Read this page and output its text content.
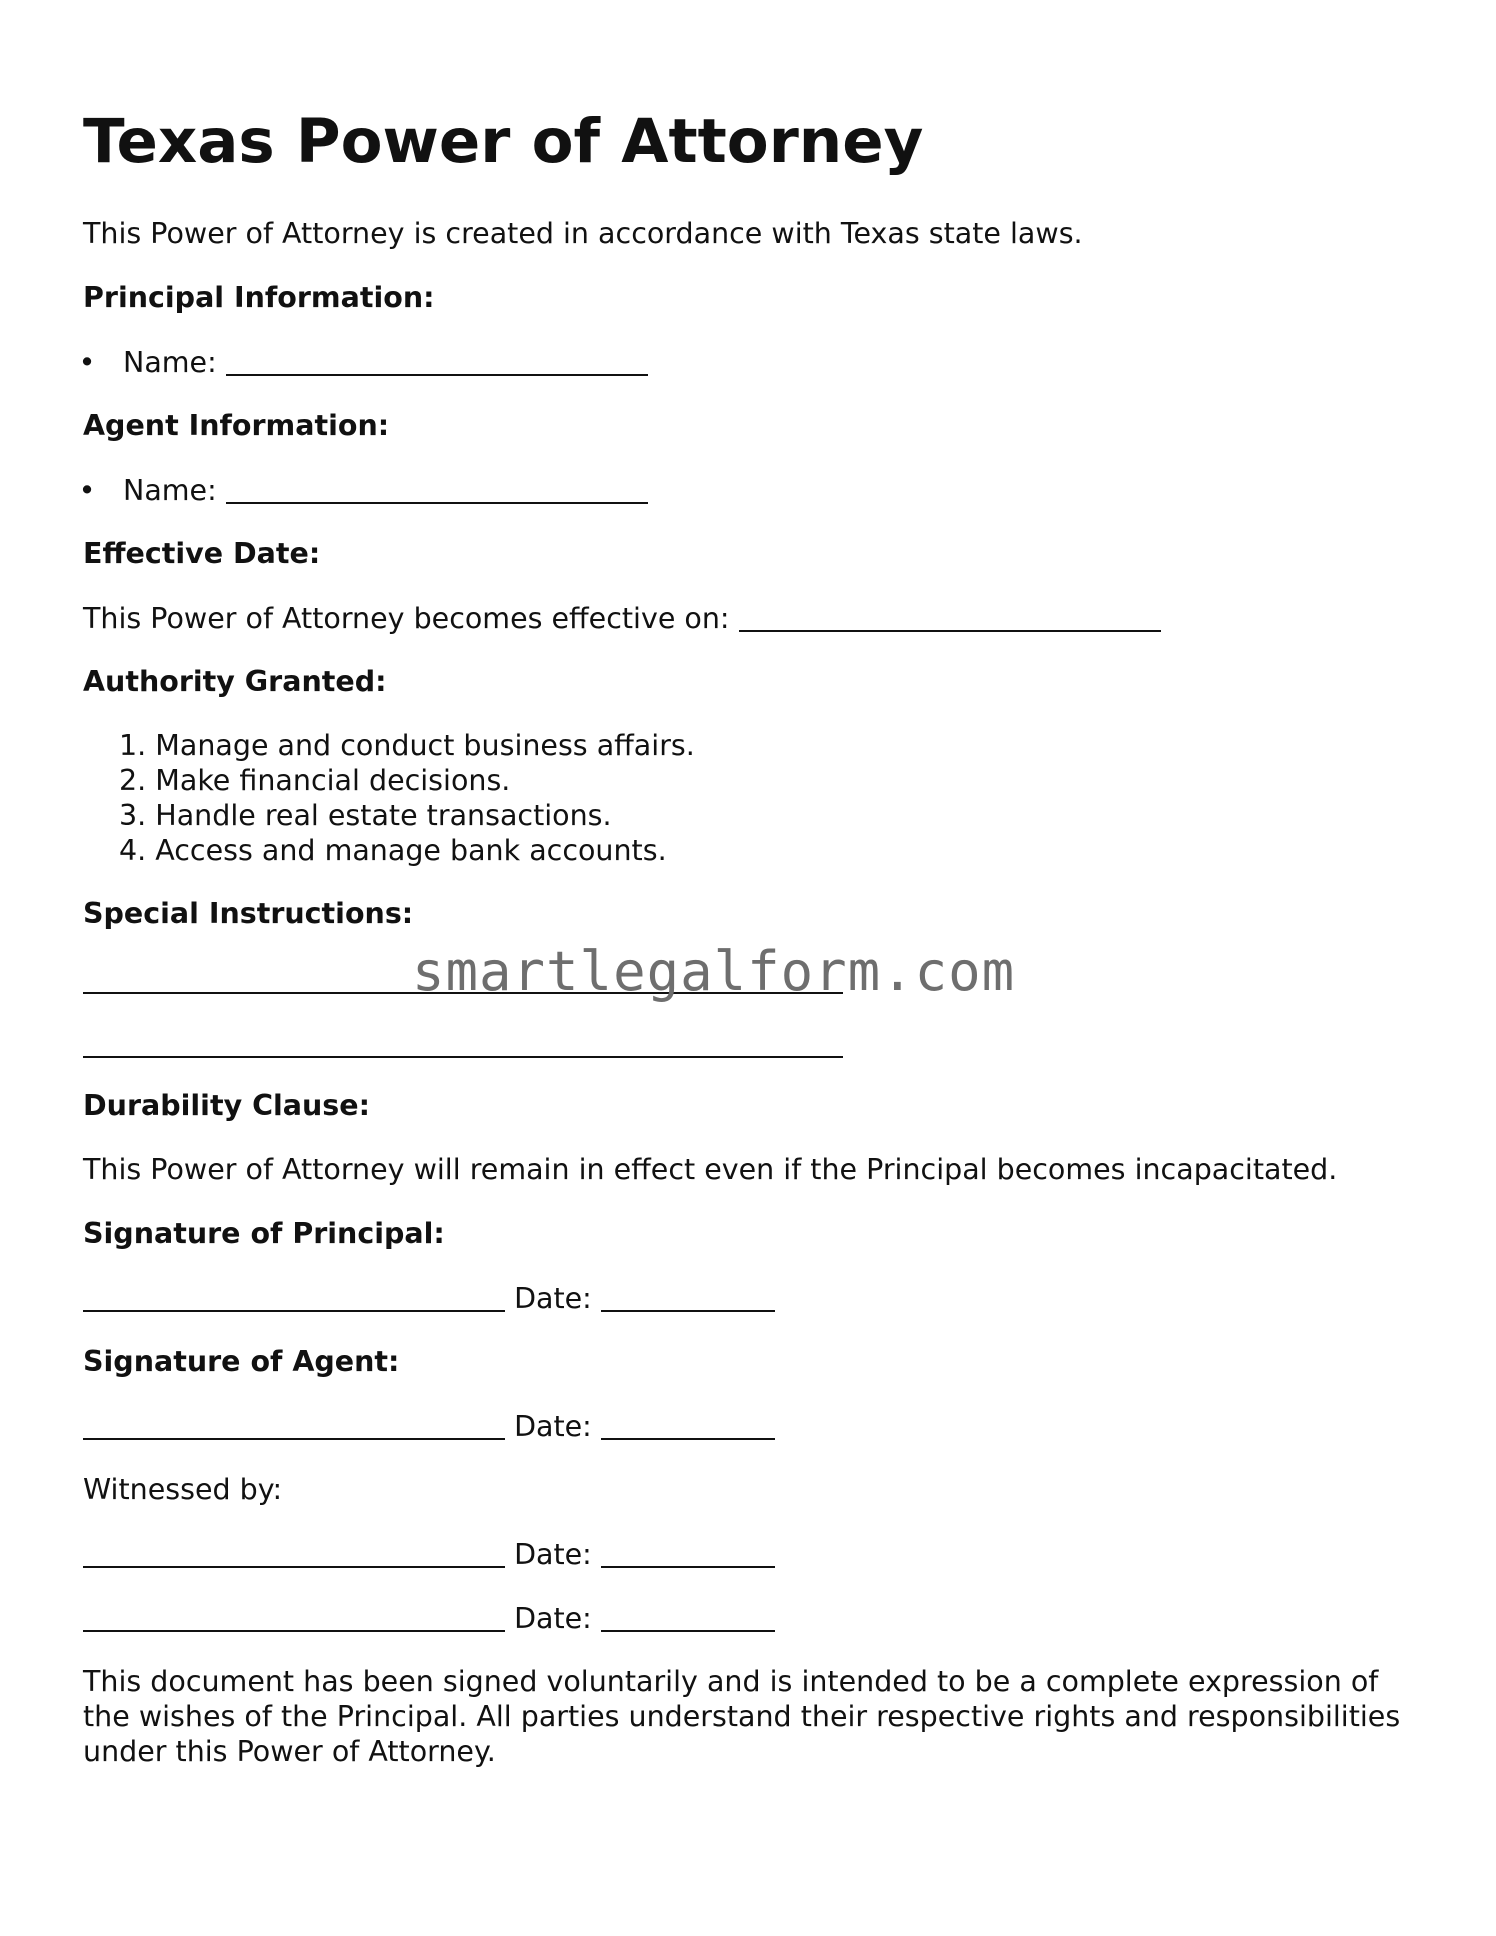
Texas Power of Attorney

This Power of Attorney is created in accordance with Texas state laws.

Principal Information:

• Name:

Agent Information:

• Name:

Effective Date:

This Power of Attorney becomes effective on:

Authority Granted:

1. Manage and conduct business affairs.
2. Make financial decisions.
3. Handle real estate transactions.
4. Access and manage bank accounts.

Special Instructions:

Durability Clause:

This Power of Attorney will remain in effect even if the Principal becomes incapacitated.

Signature of Principal:

Date:

Signature of Agent:

Date:

Witnessed by:

Date:

Date:

This document has been signed voluntarily and is intended to be a complete expression of the wishes of the Principal. All parties understand their respective rights and responsibilities under this Power of Attorney.

smartlegalform.com
